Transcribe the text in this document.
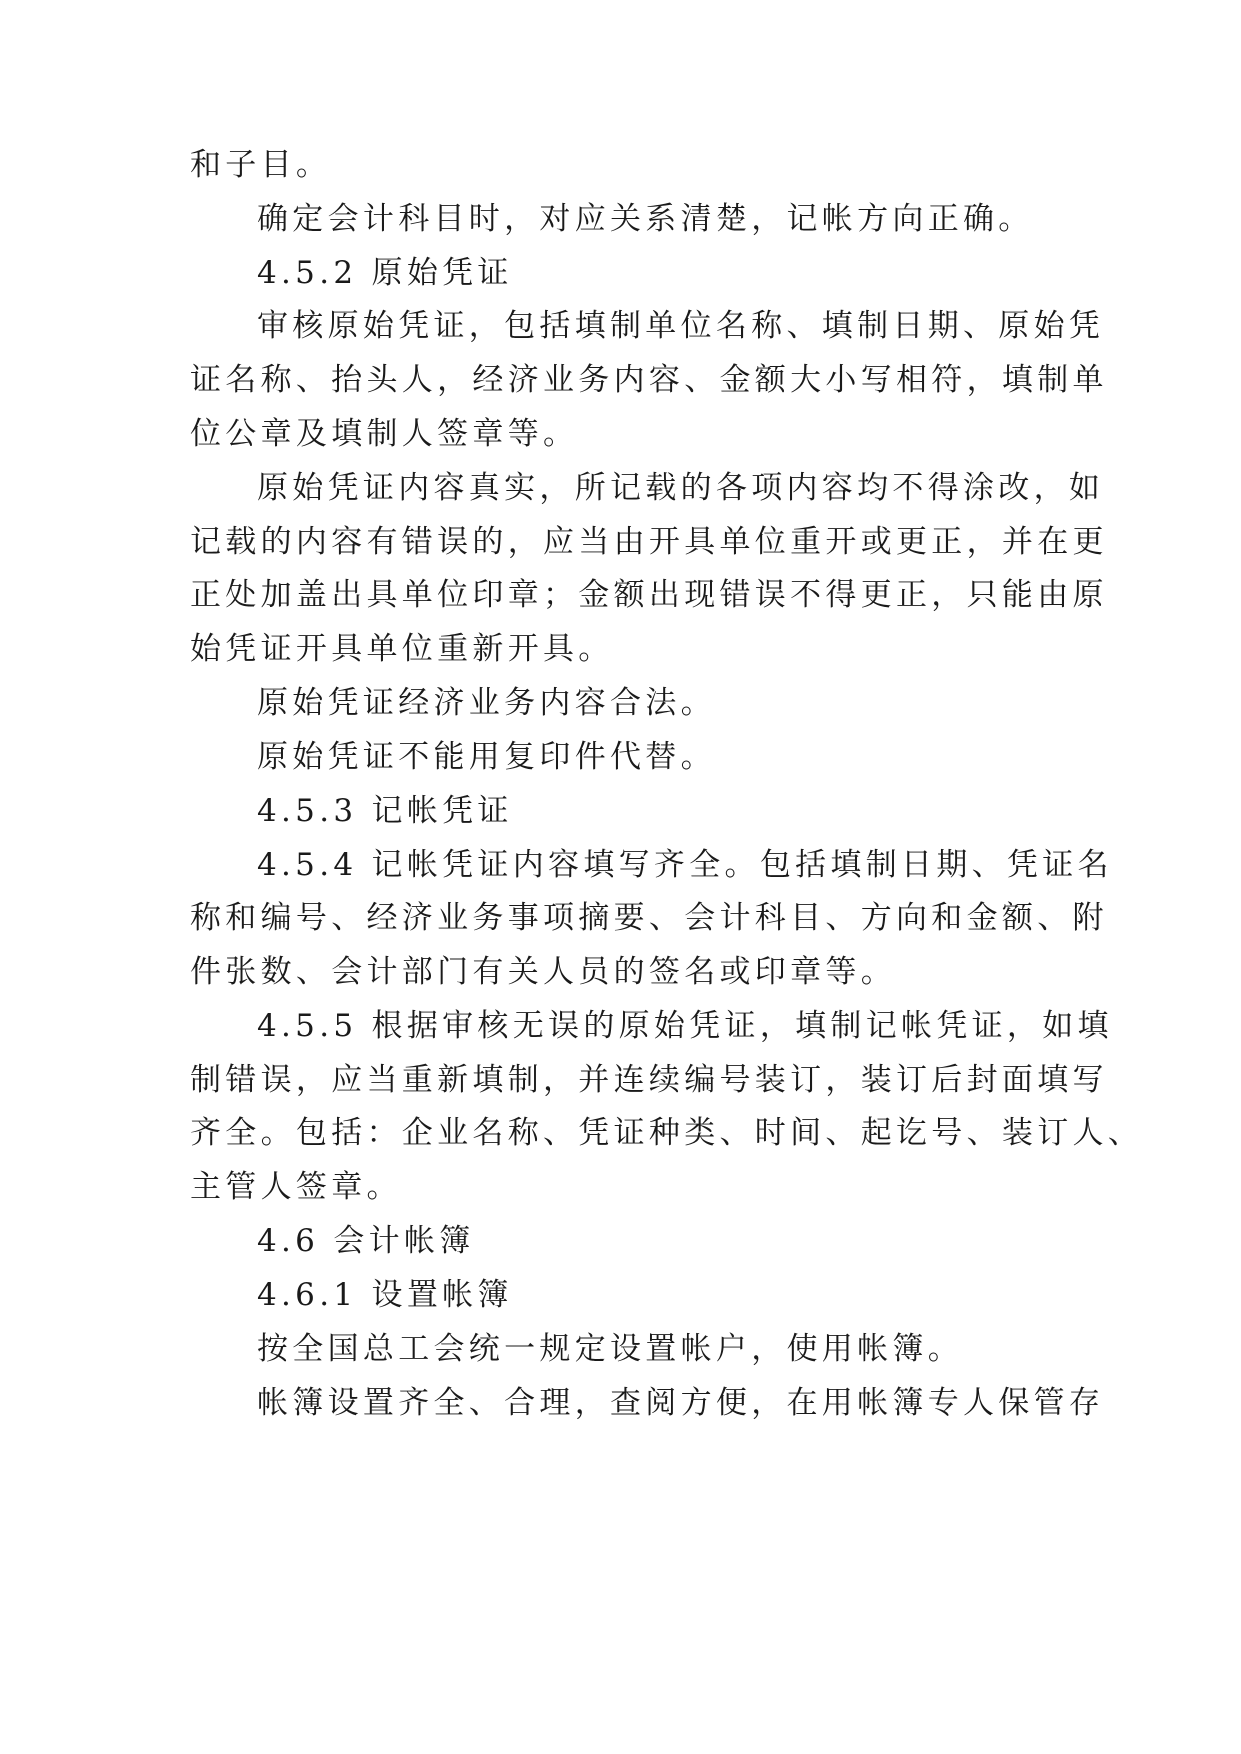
和子目。
确定会计科目时，对应关系清楚，记帐方向正确。
4.5.2 原始凭证
审核原始凭证，包括填制单位名称、填制日期、原始凭
证名称、抬头人，经济业务内容、金额大小写相符，填制单
位公章及填制人签章等。
原始凭证内容真实，所记载的各项内容均不得涂改，如
记载的内容有错误的，应当由开具单位重开或更正，并在更
正处加盖出具单位印章；金额出现错误不得更正，只能由原
始凭证开具单位重新开具。
原始凭证经济业务内容合法。
原始凭证不能用复印件代替。
4.5.3 记帐凭证
4.5.4 记帐凭证内容填写齐全。包括填制日期、凭证名
称和编号、经济业务事项摘要、会计科目、方向和金额、附
件张数、会计部门有关人员的签名或印章等。
4.5.5 根据审核无误的原始凭证，填制记帐凭证，如填
制错误，应当重新填制，并连续编号装订，装订后封面填写
齐全。包括：企业名称、凭证种类、时间、起讫号、装订人、
主管人签章。
4.6 会计帐簿
4.6.1 设置帐簿
按全国总工会统一规定设置帐户，使用帐簿。
帐簿设置齐全、合理，查阅方便，在用帐簿专人保管存
